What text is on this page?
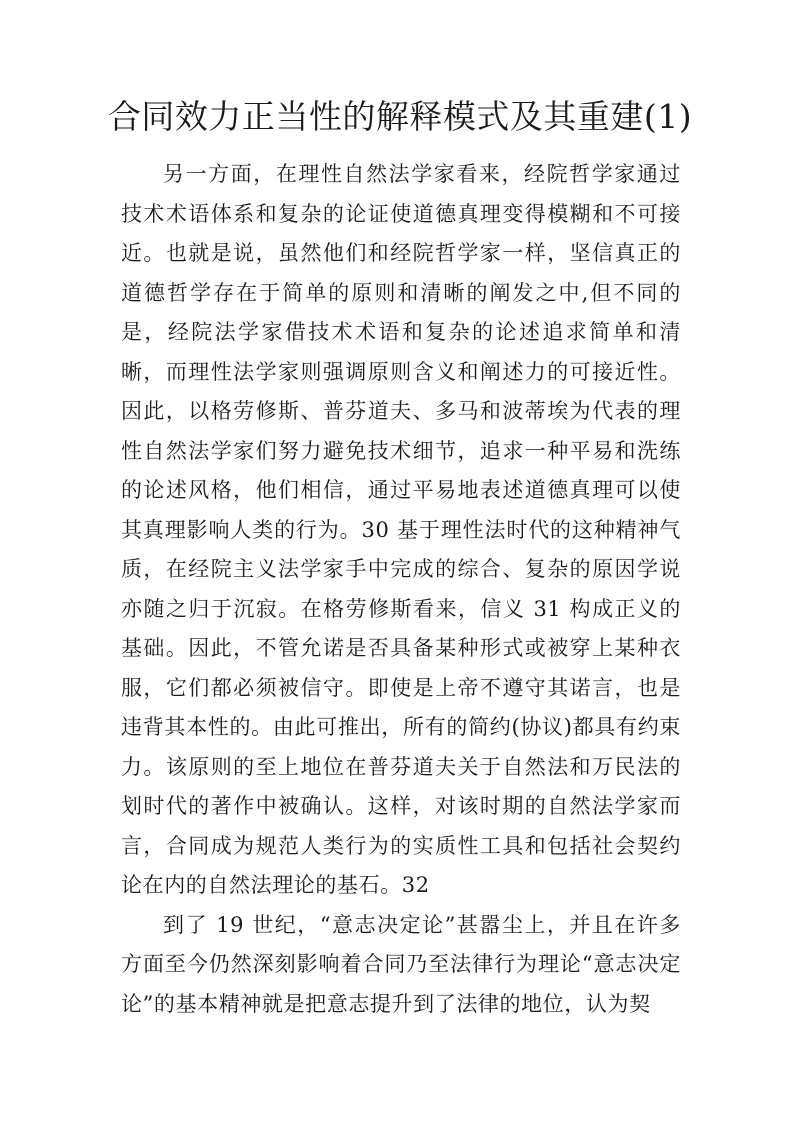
合同效力正当性的解释模式及其重建(1)

另一方面，在理性自然法学家看来，经院哲学家通过技术术语体系和复杂的论证使道德真理变得模糊和不可接近。也就是说，虽然他们和经院哲学家一样，坚信真正的道德哲学存在于简单的原则和清晰的阐发之中,但不同的是，经院法学家借技术术语和复杂的论述追求简单和清晰，而理性法学家则强调原则含义和阐述力的可接近性。因此，以格劳修斯、普芬道夫、多马和波蒂埃为代表的理性自然法学家们努力避免技术细节，追求一种平易和洗练的论述风格，他们相信，通过平易地表述道德真理可以使其真理影响人类的行为。30 基于理性法时代的这种精神气质，在经院主义法学家手中完成的综合、复杂的原因学说亦随之归于沉寂。在格劳修斯看来，信义 31 构成正义的基础。因此，不管允诺是否具备某种形式或被穿上某种衣服，它们都必须被信守。即使是上帝不遵守其诺言，也是违背其本性的。由此可推出，所有的简约(协议)都具有约束力。该原则的至上地位在普芬道夫关于自然法和万民法的划时代的著作中被确认。这样，对该时期的自然法学家而言，合同成为规范人类行为的实质性工具和包括社会契约论在内的自然法理论的基石。32

到了 19 世纪，“意志决定论”甚嚣尘上，并且在许多方面至今仍然深刻影响着合同乃至法律行为理论“意志决定论”的基本精神就是把意志提升到了法律的地位，认为契
